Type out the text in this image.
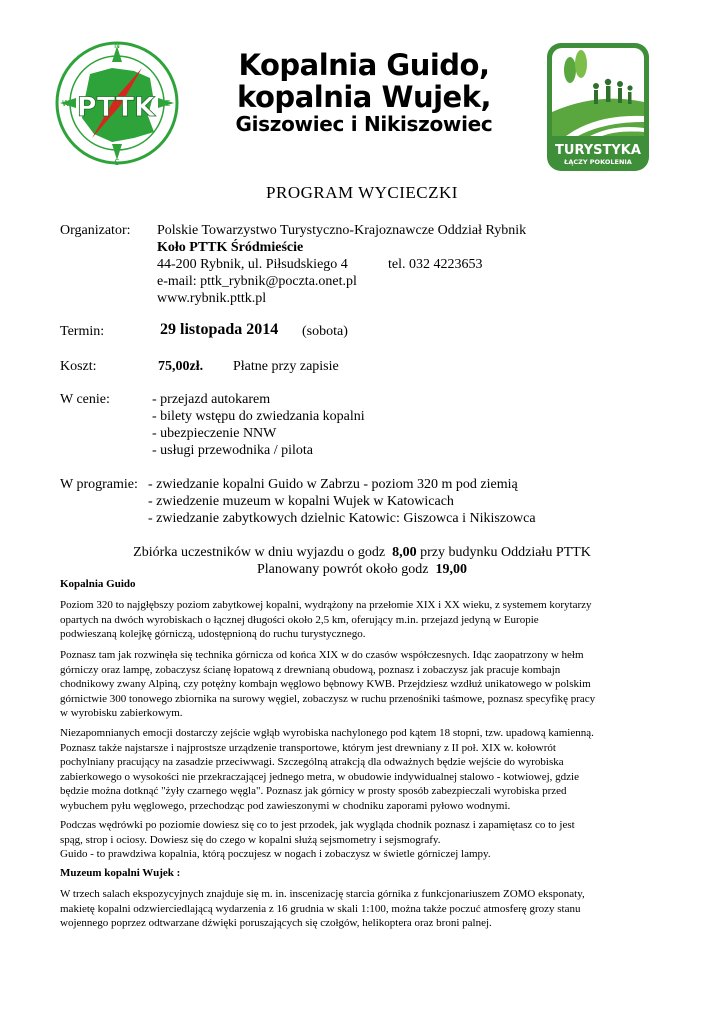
PTTK
N
S
E
W
TURYSTYKA
ŁĄCZY POKOLENIA
Kopalnia Guido,
kopalnia Wujek,
Giszowiec i Nikiszowiec
PROGRAM WYCIECZKI
Organizator: Polskie Towarzystwo Turystyczno-Krajoznawcze Oddział Rybnik
Koło PTTK Śródmieście
44-200 Rybnik, ul. Piłsudskiego 4	tel. 032 4223653
e-mail: pttk_rybnik@poczta.onet.pl
www.rybnik.pttk.pl
Termin:	29 listopada 2014 (sobota)
Koszt:	75,00zł. Płatne przy zapisie
W cenie:	- przejazd autokarem
- bilety wstępu do zwiedzania kopalni
- ubezpieczenie NNW
- usługi przewodnika / pilota
W programie: - zwiedzanie kopalni Guido w Zabrzu - poziom 320 m pod ziemią
- zwiedzenie muzeum w kopalni Wujek w Katowicach
- zwiedzanie zabytkowych dzielnic Katowic: Giszowca i Nikiszowca
Zbiórka uczestników w dniu wyjazdu o godz 8,00 przy budynku Oddziału PTTK
Planowany powrót około godz 19,00
Kopalnia Guido
Poziom 320 to najgłębszy poziom zabytkowej kopalni, wydrążony na przełomie XIX i XX wieku, z systemem korytarzy
opartych na dwóch wyrobiskach o łącznej długości około 2,5 km, oferujący m.in. przejazd jedyną w Europie
podwieszaną kolejkę górniczą, udostępnioną do ruchu turystycznego.
Poznasz tam jak rozwinęła się technika górnicza od końca XIX w do czasów współczesnych. Idąc zaopatrzony w hełm
górniczy oraz lampę, zobaczysz ścianę łopatową z drewnianą obudową, poznasz i zobaczysz jak pracuje kombajn
chodnikowy zwany Alpiną, czy potężny kombajn węglowo bębnowy KWB. Przejdziesz wzdłuż unikatowego w polskim
górnictwie 300 tonowego zbiornika na surowy węgiel, zobaczysz w ruchu przenośniki taśmowe, poznasz specyfikę pracy
w wyrobisku zabierkowym.
Niezapomnianych emocji dostarczy zejście wgłąb wyrobiska nachylonego pod kątem 18 stopni, tzw. upadową kamienną.
Poznasz także najstarsze i najprostsze urządzenie transportowe, którym jest drewniany z II poł. XIX w. kołowrót
pochylniany pracujący na zasadzie przeciwwagi. Szczególną atrakcją dla odważnych będzie wejście do wyrobiska
zabierkowego o wysokości nie przekraczającej jednego metra, w obudowie indywidualnej stalowo - kotwiowej, gdzie
będzie można dotknąć "żyły czarnego węgla". Poznasz jak górnicy w prosty sposób zabezpieczali wyrobiska przed
wybuchem pyłu węglowego, przechodząc pod zawieszonymi w chodniku zaporami pyłowo wodnymi.
Podczas wędrówki po poziomie dowiesz się co to jest przodek, jak wygląda chodnik poznasz i zapamiętasz co to jest
spąg, strop i ociosy. Dowiesz się do czego w kopalni służą sejsmometry i sejsmografy.
Guido - to prawdziwa kopalnia, którą poczujesz w nogach i zobaczysz w świetle górniczej lampy.
Muzeum kopalni Wujek :
W trzech salach ekspozycyjnych znajduje się m. in. inscenizację starcia górnika z funkcjonariuszem ZOMO eksponaty,
makietę kopalni odzwierciedlającą wydarzenia z 16 grudnia w skali 1:100, można także poczuć atmosferę grozy stanu
wojennego poprzez odtwarzane dźwięki poruszających się czołgów, helikoptera oraz broni palnej.
